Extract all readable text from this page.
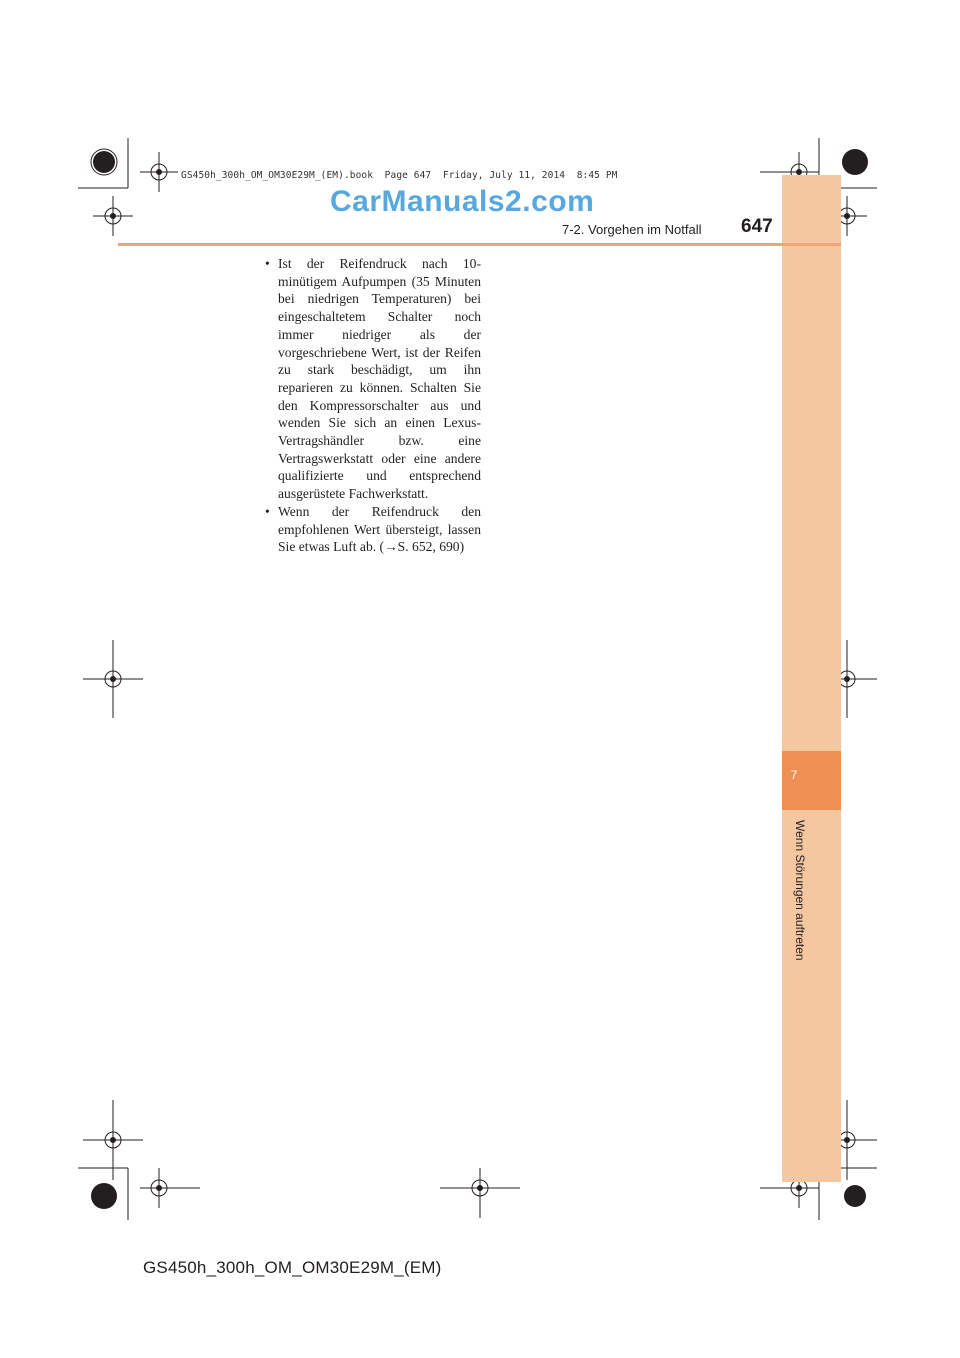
7
Wenn Störungen auftreten
GS450h_300h_OM_OM30E29M_(EM).book  Page 647  Friday, July 11, 2014  8:45 PM
CarManuals2.com
7-2. Vorgehen im Notfall 647
• Ist der Reifendruck nach 10-minütigem Aufpumpen (35 Minuten bei niedrigen Temperaturen) bei eingeschaltetem Schalter noch immer niedriger als der vorgeschriebene Wert, ist der Reifen zu stark beschädigt, um ihn reparieren zu können. Schalten Sie den Kompressorschalter aus und wenden Sie sich an einen Lexus-Vertragshändler bzw. eine Vertragswerkstatt oder eine andere qualifizierte und entsprechend ausgerüstete Fachwerkstatt.
• Wenn der Reifendruck den empfohlenen Wert übersteigt, lassen Sie etwas Luft ab. (→S. 652, 690)
GS450h_300h_OM_OM30E29M_(EM)
